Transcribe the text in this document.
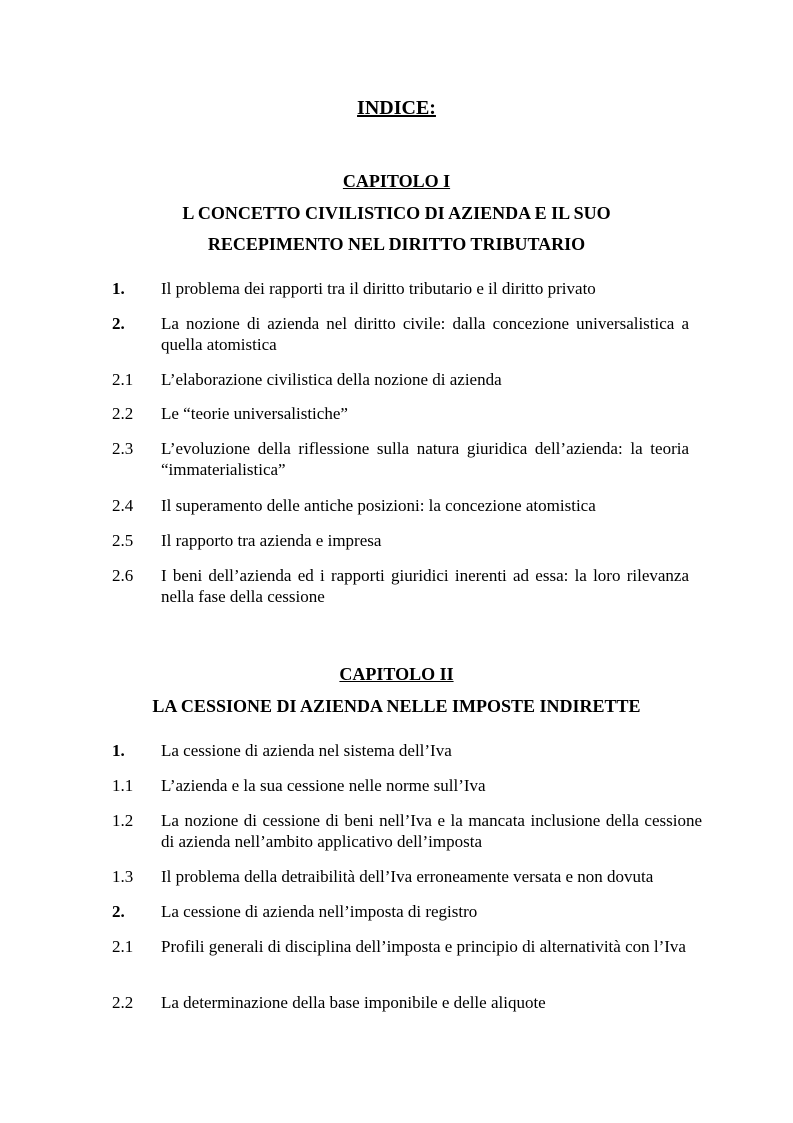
INDICE:
CAPITOLO I
L CONCETTO CIVILISTICO DI AZIENDA E IL SUO
RECEPIMENTO NEL DIRITTO TRIBUTARIO
1.	Il problema dei rapporti tra il diritto tributario e il diritto privato
2.	La nozione di azienda nel diritto civile: dalla concezione universalistica a quella atomistica
2.1	L’elaborazione civilistica della nozione di azienda
2.2	Le “teorie universalistiche”
2.3	L’evoluzione della riflessione sulla natura giuridica dell’azienda: la teoria “immaterialistica”
2.4	Il superamento delle antiche posizioni: la concezione atomistica
2.5	Il rapporto tra azienda e impresa
2.6	I beni dell’azienda ed i rapporti giuridici inerenti ad essa: la loro rilevanza nella fase della cessione
CAPITOLO II
LA CESSIONE DI AZIENDA NELLE IMPOSTE INDIRETTE
1.	La cessione di azienda nel sistema dell’Iva
1.1	L’azienda e la sua cessione nelle norme sull’Iva
1.2	La nozione di cessione di beni nell’Iva e la mancata inclusione della cessione di azienda nell’ambito applicativo dell’imposta
1.3	Il problema della detraibilità dell’Iva erroneamente versata e non dovuta
2.	La cessione di azienda nell’imposta di registro
2.1	Profili generali di disciplina dell’imposta e principio di alternatività con l’Iva
2.2	La determinazione della base imponibile e delle aliquote
